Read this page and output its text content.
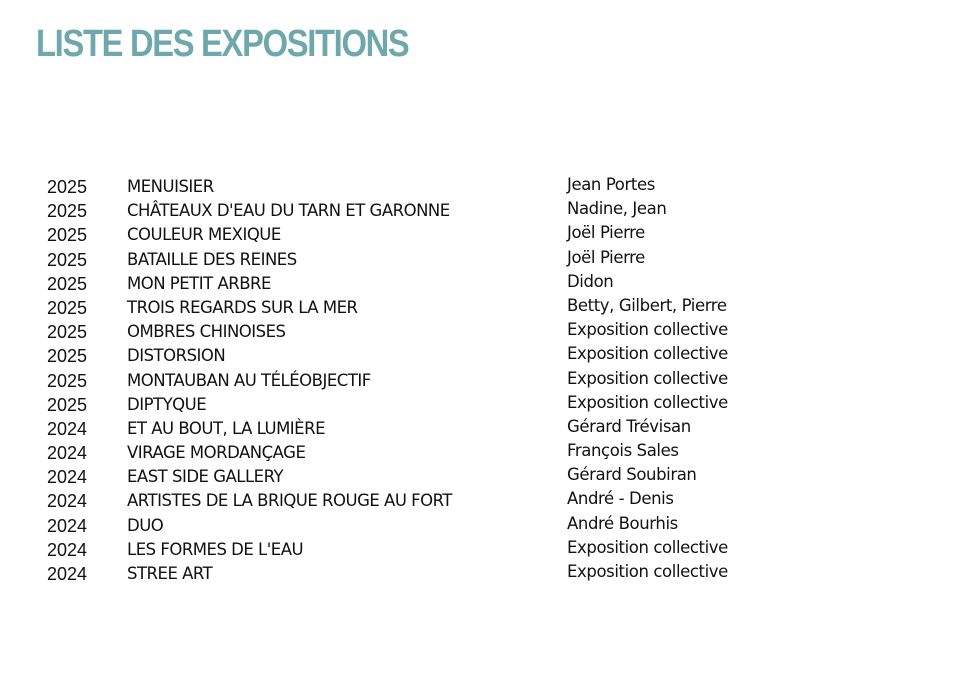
LISTE DES EXPOSITIONS
2025 MENUISIER	Jean Portes
2025 CHÂTEAUX D'EAU DU TARN ET GARONNE	Nadine, Jean
2025 COULEUR MEXIQUE	Joël Pierre
2025 BATAILLE DES REINES	Joël Pierre
2025 MON PETIT ARBRE	Didon
2025 TROIS REGARDS SUR LA MER	Betty, Gilbert, Pierre
2025 OMBRES CHINOISES	Exposition collective
2025 DISTORSION	Exposition collective
2025 MONTAUBAN AU TÉLÉOBJECTIF	Exposition collective
2025 DIPTYQUE	Exposition collective
2024 ET AU BOUT, LA LUMIÈRE	Gérard Trévisan
2024 VIRAGE MORDANÇAGE	François Sales
2024 EAST SIDE GALLERY	Gérard Soubiran
2024 ARTISTES DE LA BRIQUE ROUGE AU FORT	André - Denis
2024 DUO	André Bourhis
2024 LES FORMES DE L'EAU	Exposition collective
2024 STREE ART	Exposition collective
